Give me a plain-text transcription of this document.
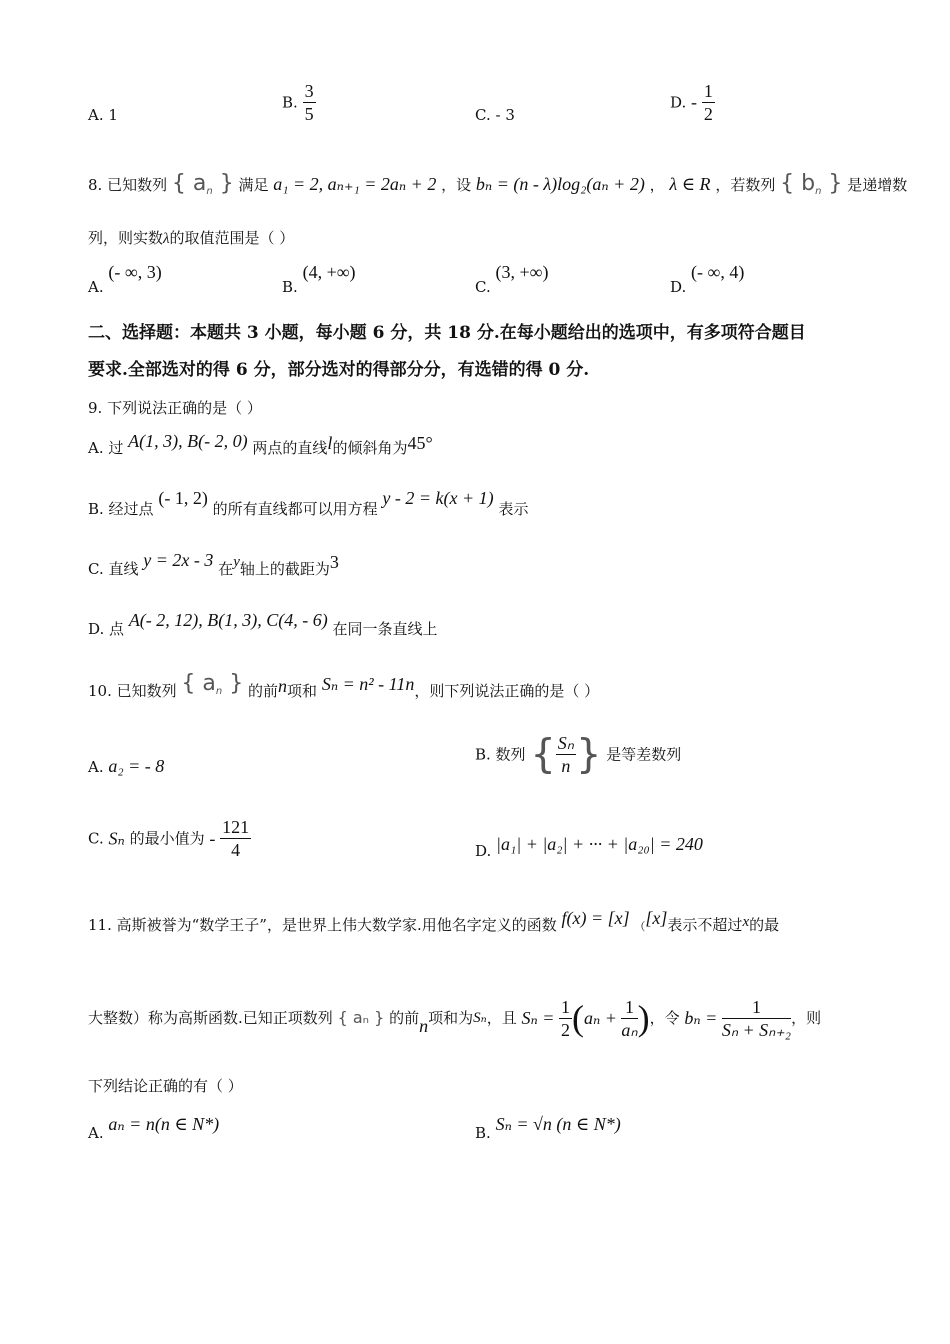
A. 1
B. $\frac{3}{5}$	C. - 3
D. - $\frac{1}{2}$
8. 已知数列 { $a_n$ } 满足 a₁ = 2, aₙ₊₁ = 2aₙ + 2 ，设 bₙ = (n - λ)log₂(aₙ + 2) ， λ ∈ R ，若数列 { $b_n$ } 是递增数
列，则实数λ的取值范围是（ ）
A. (- ∞, 3)
B. (4, +∞)
C. (3, +∞)
D. (- ∞, 4)
二、选择题：本题共 3 小题，每小题 6 分，共 18 分.在每小题给出的选项中，有多项符合题目
要求.全部选对的得 6 分，部分选对的得部分分，有选错的得 0 分.
9. 下列说法正确的是（ ）
A. 过 A(1, 3), B(- 2, 0) 两点的直线l的倾斜角为45°
B. 经过点 (- 1, 2) 的所有直线都可以用方程 y - 2 = k(x + 1) 表示
C. 直线 y = 2x - 3 在y轴上的截距为3
D. 点 A(- 2, 12), B(1, 3), C(4, - 6) 在同一条直线上
10. 已知数列 { $a_n$ } 的前n项和 Sₙ = n² - 11n，则下列说法正确的是（ ）
A. a₂ = - 8
B. 数列 { $\frac{\text{Sₙ}}{n}$ } 是等差数列
C. Sₙ 的最小值为 - $\frac{121}{4}$	D. |a₁| + |a₂| + ··· + |a₂₀| = 240
11. 高斯被誉为“数学王子”，是世界上伟大数学家.用他名字定义的函数 f(x) = [x] （[x]表示不超过x的最
大整数）称为高斯函数.已知正项数列 { aₙ } 的前n项和为Sₙ，且 $S_n = \frac{1}{2} (a_n + \frac{1}{\text{aₙ}}$ )，令 $b_n = \frac{1}{\text{Sₙ + Sₙ₊₂}}$ ，则
下列结论正确的有（ ）
A. aₙ = n(n ∈ N*)	B. Sₙ = √n (n ∈ N*)
